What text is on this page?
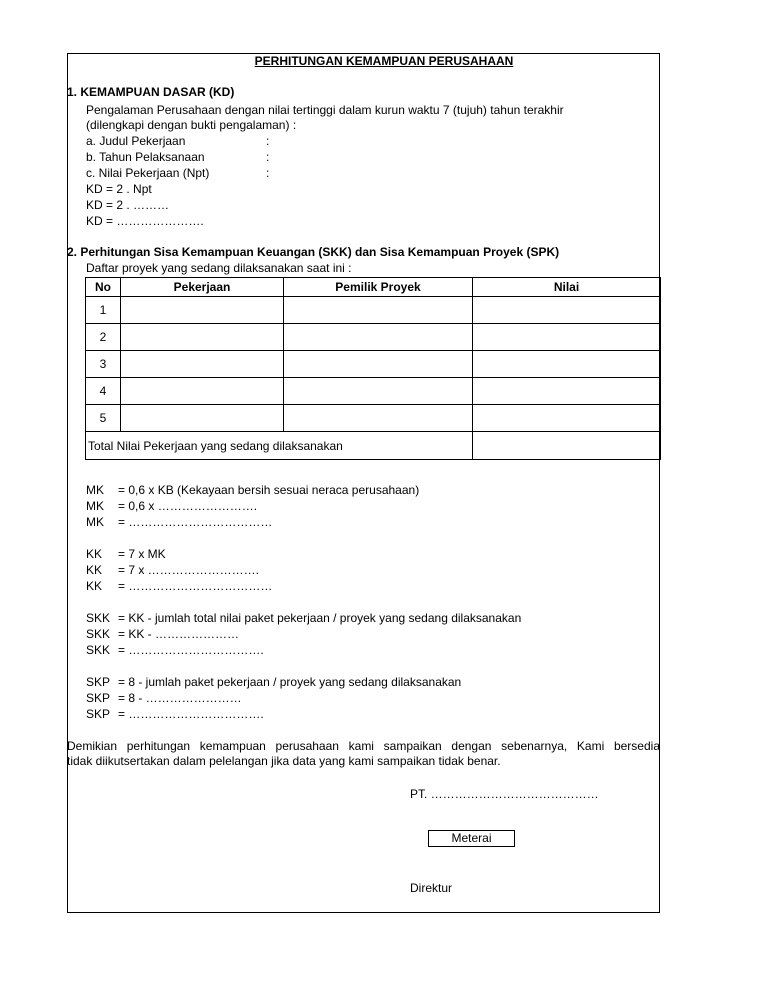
PERHITUNGAN KEMAMPUAN PERUSAHAAN
1. KEMAMPUAN DASAR (KD)
Pengalaman Perusahaan dengan nilai tertinggi dalam kurun waktu 7 (tujuh) tahun terakhir
(dilengkapi dengan bukti pengalaman) :
a. Judul Pekerjaan	:
b. Tahun Pelaksanaan	:
c. Nilai Pekerjaan (Npt)	:
KD = 2 . Npt
KD = 2 . ………
KD = ………………….
2. Perhitungan Sisa Kemampuan Keuangan (SKK) dan Sisa Kemampuan Proyek (SPK)
Daftar proyek yang sedang dilaksanakan saat ini :
No	Pekerjaan	Pemilik Proyek	Nilai
1			
2			
3			
4			
5			
Total Nilai Pekerjaan yang sedang dilaksanakan			
MK = 0,6 x KB (Kekayaan bersih sesuai neraca perusahaan)
MK = 0,6 x …………………….
MK = ………………………………
KK = 7 x MK
KK = 7 x ……………………….
KK = ………………………………
SKK = KK - jumlah total nilai paket pekerjaan / proyek yang sedang dilaksanakan
SKK = KK - …………………
SKK = …………………………….
SKP = 8 - jumlah paket pekerjaan / proyek yang sedang dilaksanakan
SKP = 8 - ……………………
SKP = …………………………….
Demikian perhitungan kemampuan perusahaan kami sampaikan dengan sebenarnya, Kami bersedia
tidak diikutsertakan dalam pelelangan jika data yang kami sampaikan tidak benar.
PT. ……………………………………
Meterai
Direktur
